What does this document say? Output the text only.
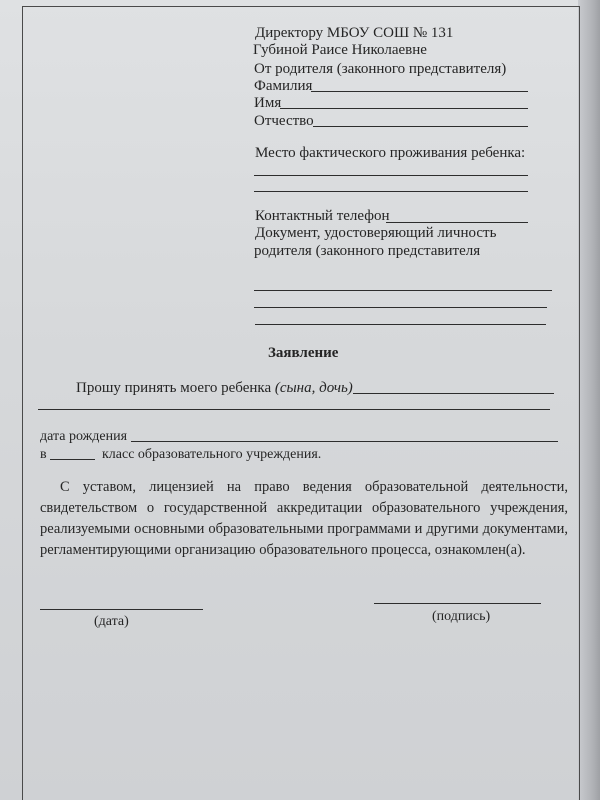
Директору МБОУ СОШ № 131
Губиной Раисе Николаевне
От родителя (законного представителя)
Фамилия
Имя
Отчество
Место фактического проживания ребенка:
Контактный телефон
Документ, удостоверяющий личность
родителя (законного представителя
Заявление
Прошу принять моего ребенка (сына, дочь)
дата рождения
в	класс образовательного учреждения.
С уставом, лицензией на право ведения образовательной деятельности, свидетельством о государственной аккредитации образовательного учреждения, реализуемыми основными образовательными программами и другими документами, регламентирующими организацию образовательного процесса, ознакомлен(а).
(дата)	(подпись)
